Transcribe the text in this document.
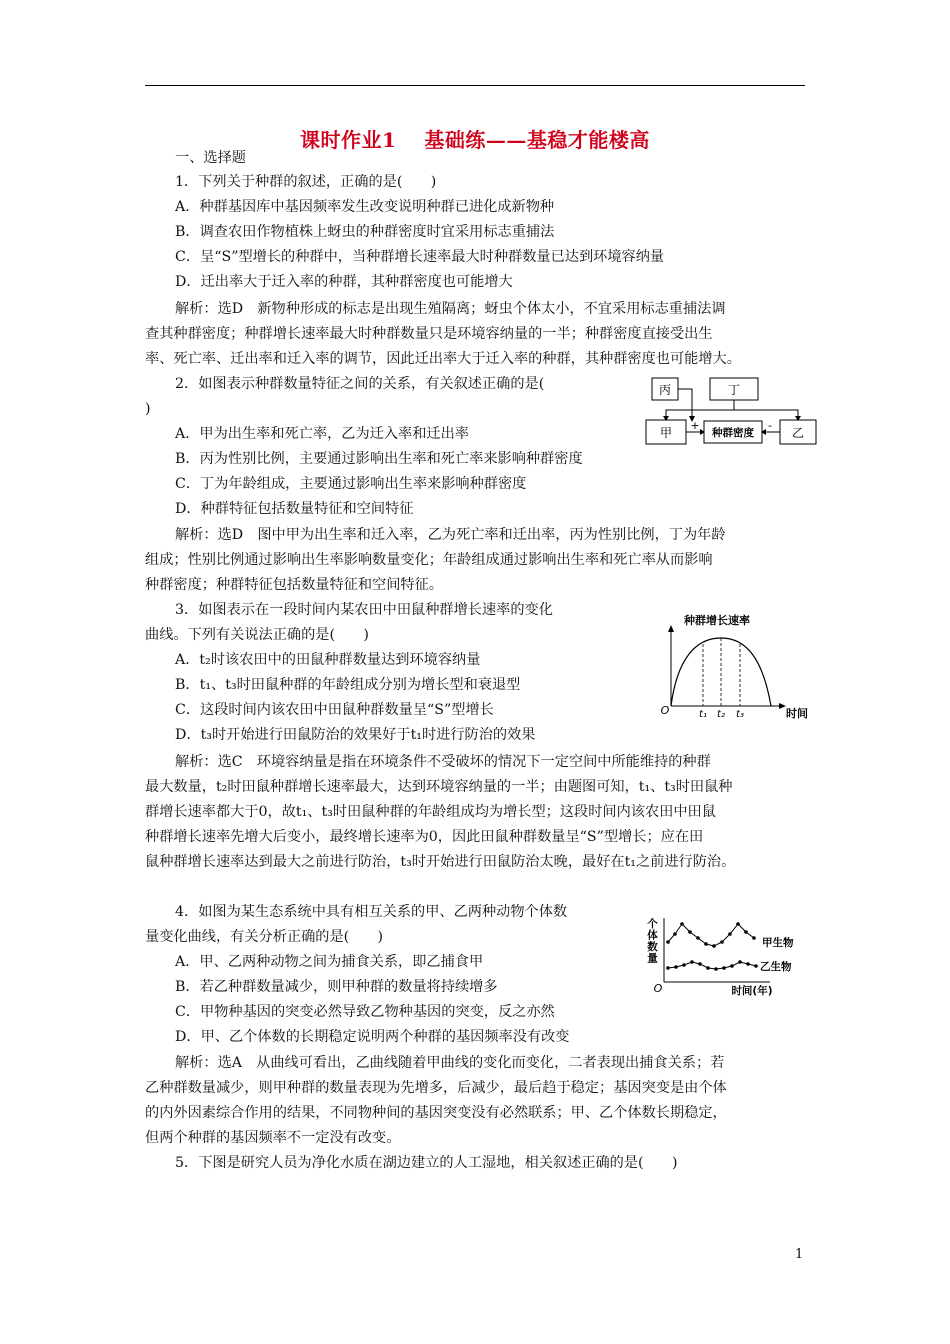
课时作业1　 基础练——基稳才能楼高
一、选择题
1．下列关于种群的叙述，正确的是(　　)
A．种群基因库中基因频率发生改变说明种群已进化成新物种
B．调查农田作物植株上蚜虫的种群密度时宜采用标志重捕法
C．呈“S”型增长的种群中，当种群增长速率最大时种群数量已达到环境容纳量
D．迁出率大于迁入率的种群，其种群密度也可能增大
解析：选D　新物种形成的标志是出现生殖隔离；蚜虫个体太小，不宜采用标志重捕法调
查其种群密度；种群增长速率最大时种群数量只是环境容纳量的一半；种群密度直接受出生
率、死亡率、迁出率和迁入率的调节，因此迁出率大于迁入率的种群，其种群密度也可能增大。
2．如图表示种群数量特征之间的关系，有关叙述正确的是(
)
A．甲为出生率和死亡率，乙为迁入率和迁出率
B．丙为性别比例，主要通过影响出生率和死亡率来影响种群密度
C．丁为年龄组成，主要通过影响出生率来影响种群密度
D．种群特征包括数量特征和空间特征
解析：选D　图中甲为出生率和迁入率，乙为死亡率和迁出率，丙为性别比例，丁为年龄
组成；性别比例通过影响出生率影响数量变化；年龄组成通过影响出生率和死亡率从而影响
种群密度；种群特征包括数量特征和空间特征。
丙	丁
甲	种群密度	乙
+	-
3．如图表示在一段时间内某农田中田鼠种群增长速率的变化
曲线。下列有关说法正确的是(　　)
A．t₂时该农田中的田鼠种群数量达到环境容纳量
B．t₁、t₃时田鼠种群的年龄组成分别为增长型和衰退型
C．这段时间内该农田中田鼠种群数量呈“S”型增长
D．t₃时开始进行田鼠防治的效果好于t₁时进行防治的效果
解析：选C　环境容纳量是指在环境条件不受破坏的情况下一定空间中所能维持的种群
最大数量，t₂时田鼠种群增长速率最大，达到环境容纳量的一半；由题图可知，t₁、t₃时田鼠种
群增长速率都大于0，故t₁、t₃时田鼠种群的年龄组成均为增长型；这段时间内该农田中田鼠
种群增长速率先增大后变小，最终增长速率为0，因此田鼠种群数量呈“S”型增长；应在田
鼠种群增长速率达到最大之前进行防治，t₃时开始进行田鼠防治太晚，最好在t₁之前进行防治。
种群增长速率
O	t₁ t₂ t₃	时间
4．如图为某生态系统中具有相互关系的甲、乙两种动物个体数
量变化曲线，有关分析正确的是(　　)
A．甲、乙两种动物之间为捕食关系，即乙捕食甲
B．若乙种群数量减少，则甲种群的数量将持续增多
C．甲物种基因的突变必然导致乙物种基因的突变，反之亦然
D．甲、乙个体数的长期稳定说明两个种群的基因频率没有改变
解析：选A　从曲线可看出，乙曲线随着甲曲线的变化而变化，二者表现出捕食关系；若
乙种群数量减少，则甲种群的数量表现为先增多，后减少，最后趋于稳定；基因突变是由个体
的内外因素综合作用的结果，不同物种间的基因突变没有必然联系；甲、乙个体数长期稳定，
但两个种群的基因频率不一定没有改变。
个体数量	甲生物
乙生物
O	时间(年)
5．下图是研究人员为净化水质在湖边建立的人工湿地，相关叙述正确的是(　　)
1
